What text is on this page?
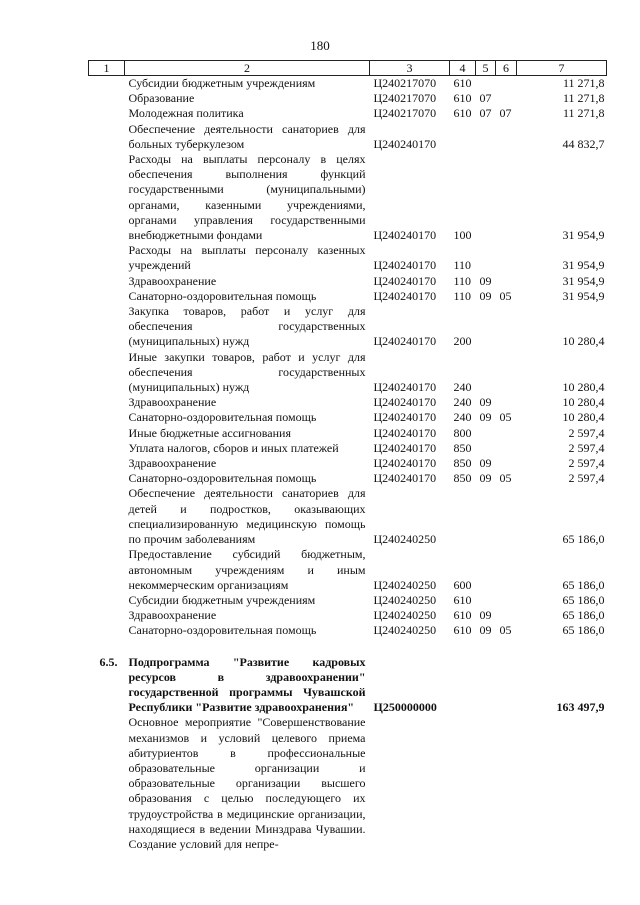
180
1	2	3	4	5	6	7
	Субсидии бюджетным учреждениям	Ц240217070	610			11 271,8
	Образование	Ц240217070	610	07		11 271,8
	Молодежная политика	Ц240217070	610	07	07	11 271,8
	Обеспечение деятельности санаториев для больных туберкулезом	Ц240240170				44 832,7
	Расходы на выплаты персоналу в целях обеспечения выполнения функций государственными (муниципальными) органами, казенными учреждениями, органами управления государственными внебюджетными фондами	Ц240240170	100			31 954,9
	Расходы на выплаты персоналу казенных учреждений	Ц240240170	110			31 954,9
	Здравоохранение	Ц240240170	110	09		31 954,9
	Санаторно-оздоровительная помощь	Ц240240170	110	09	05	31 954,9
	Закупка товаров, работ и услуг для обеспечения государственных (муниципальных) нужд	Ц240240170	200			10 280,4
	Иные закупки товаров, работ и услуг для обеспечения государственных (муниципальных) нужд	Ц240240170	240			10 280,4
	Здравоохранение	Ц240240170	240	09		10 280,4
	Санаторно-оздоровительная помощь	Ц240240170	240	09	05	10 280,4
	Иные бюджетные ассигнования	Ц240240170	800			2 597,4
	Уплата налогов, сборов и иных платежей	Ц240240170	850			2 597,4
	Здравоохранение	Ц240240170	850	09		2 597,4
	Санаторно-оздоровительная помощь	Ц240240170	850	09	05	2 597,4
	Обеспечение деятельности санаториев для детей и подростков, оказывающих специализированную медицинскую помощь по прочим заболеваниям	Ц240240250				65 186,0
	Предоставление субсидий бюджетным, автономным учреждениям и иным некоммерческим организациям	Ц240240250	600			65 186,0
	Субсидии бюджетным учреждениям	Ц240240250	610			65 186,0
	Здравоохранение	Ц240240250	610	09		65 186,0
	Санаторно-оздоровительная помощь	Ц240240250	610	09	05	65 186,0

6.5.	Подпрограмма "Развитие кадровых ресурсов в здравоохранении" государственной программы Чувашской Республики "Развитие здравоохранения"	Ц250000000				163 497,9
	Основное мероприятие "Совершенствование механизмов и условий целевого приема абитуриентов в профессиональные образовательные организации и образовательные организации высшего образования с целью последующего их трудоустройства в медицинские организации, находящиеся в ведении Минздрава Чувашии. Создание условий для непре-					
